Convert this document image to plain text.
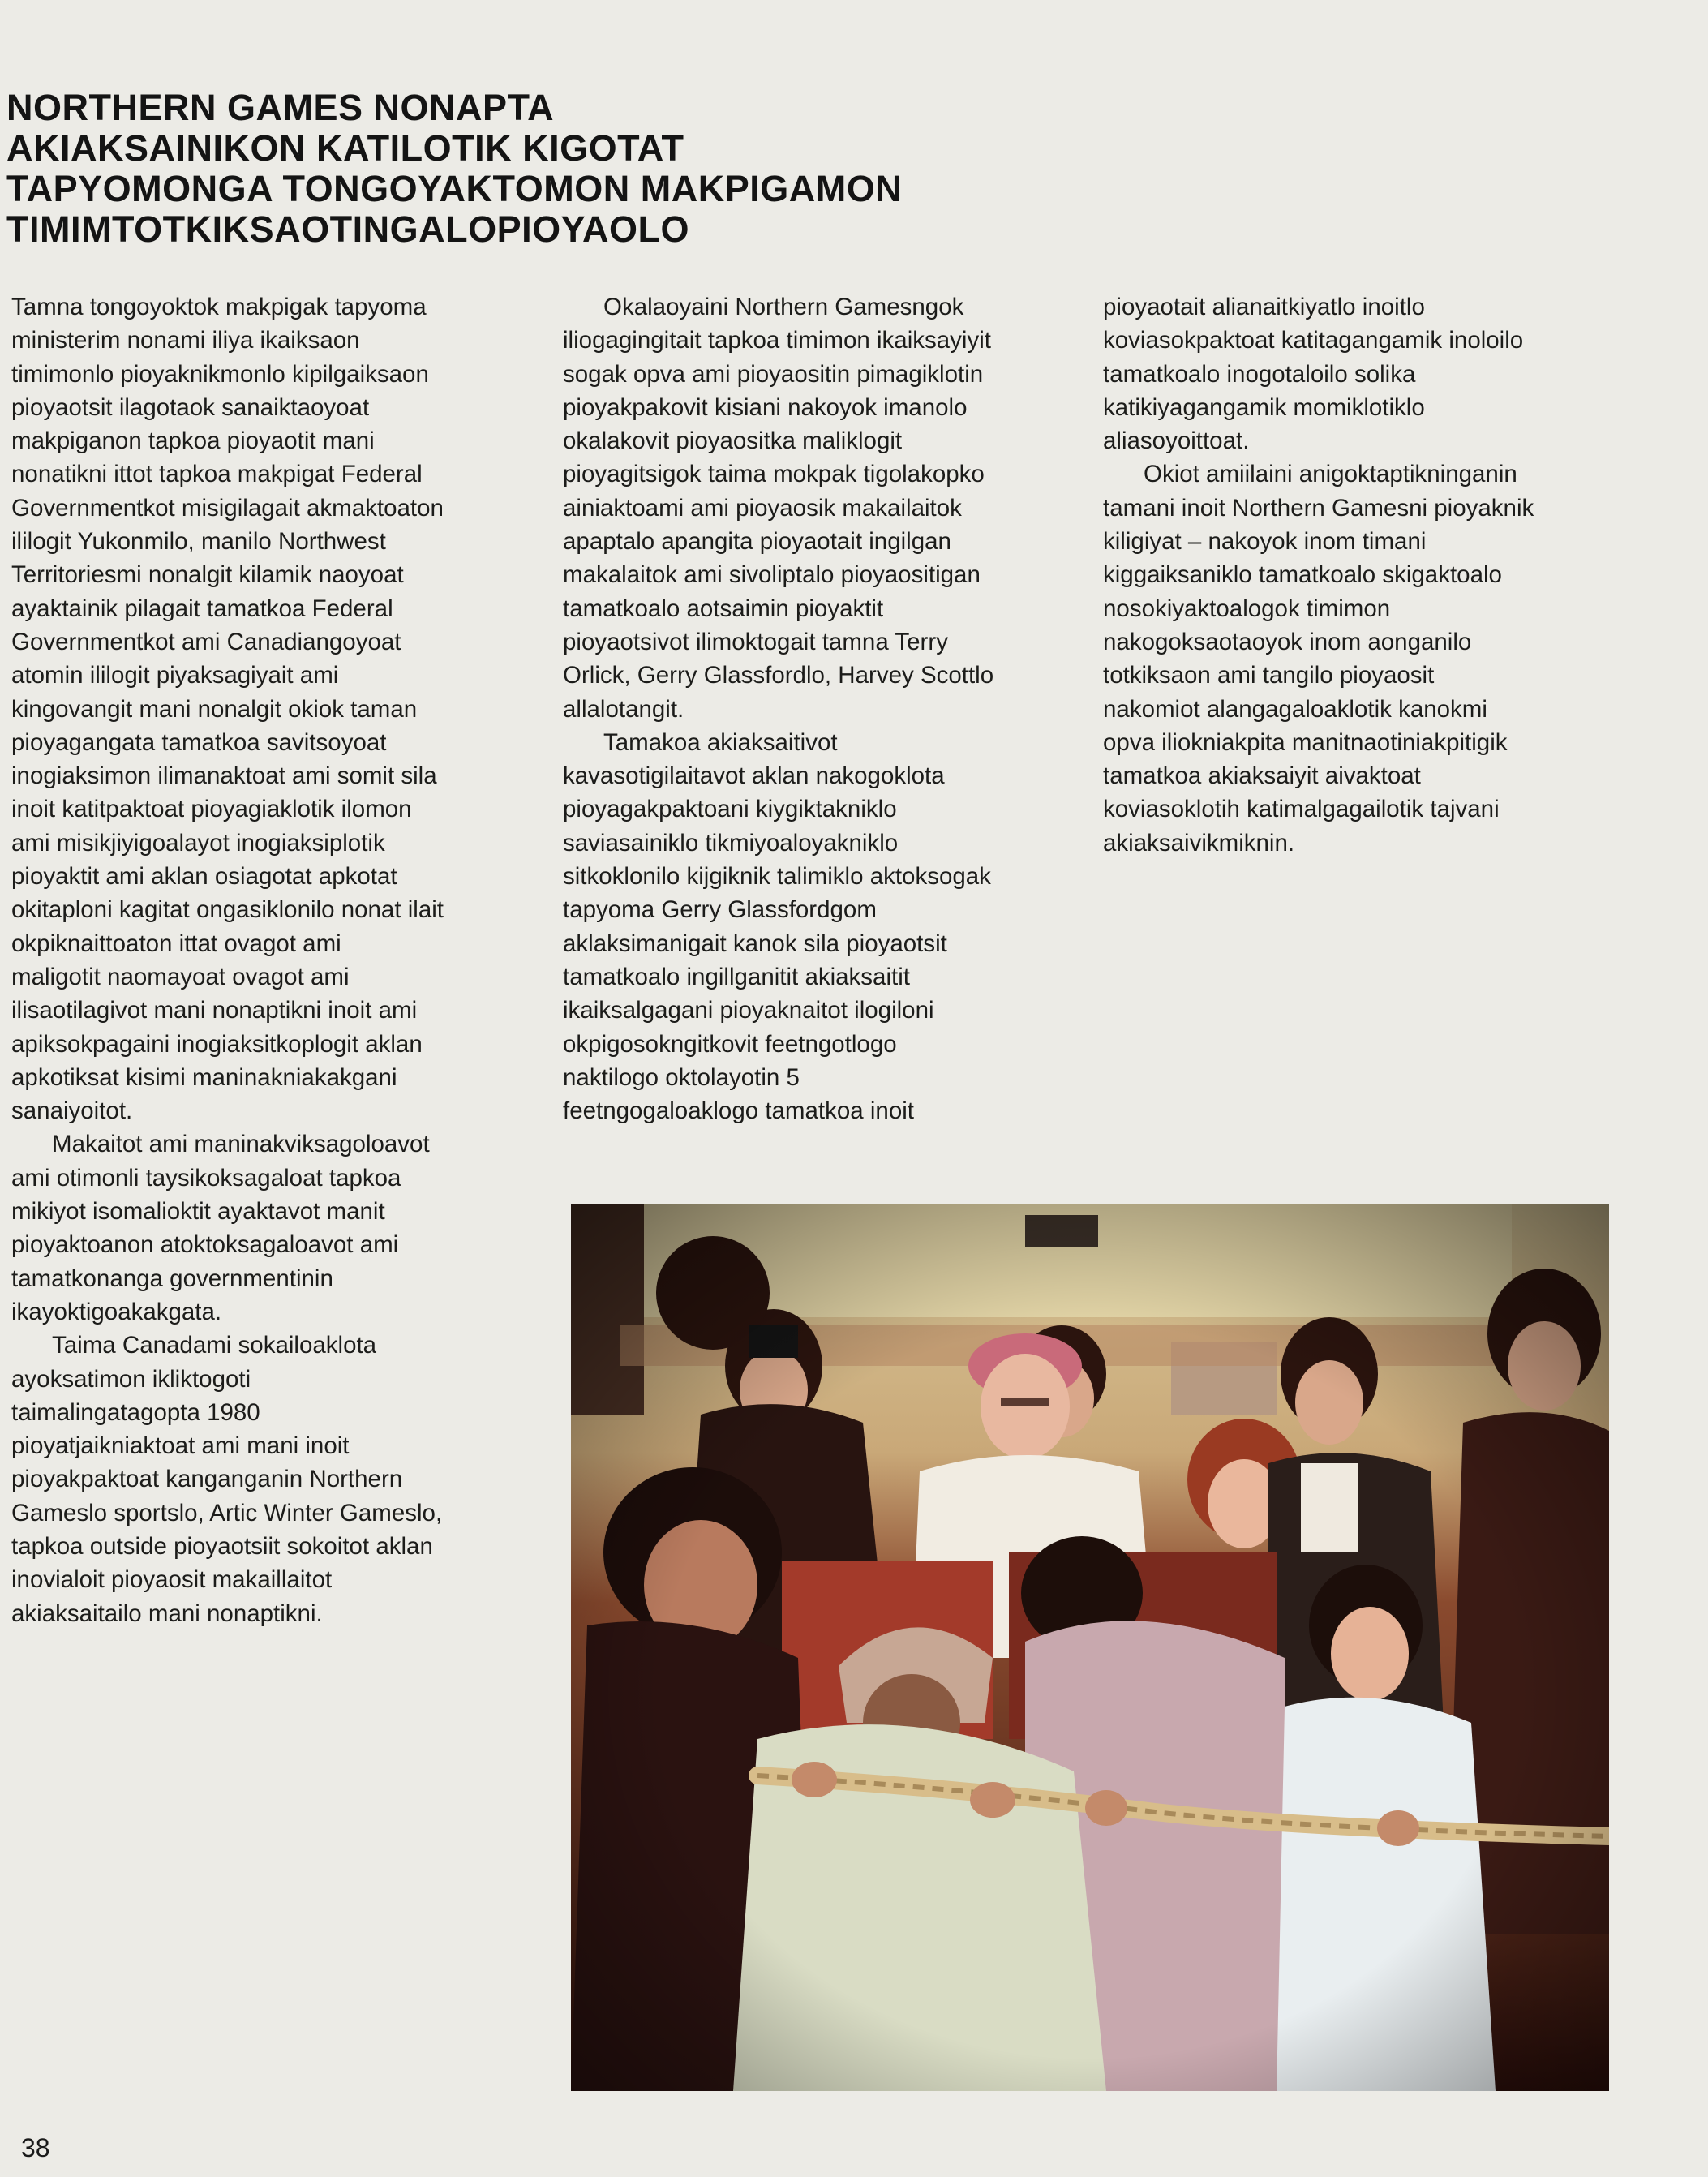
NORTHERN GAMES NONAPTA
AKIAKSAINIKON KATILOTIK KIGOTAT
TAPYOMONGA TONGOYAKTOMON MAKPIGAMON
TIMIMTOTKIKSAOTINGALOPIOYAOLO
Tamna tongoyoktok makpigak tapyoma
ministerim nonami iliya ikaiksaon
timimonlo pioyaknikmonlo kipilgaiksaon
pioyaotsit ilagotaok sanaiktaoyoat
makpiganon tapkoa pioyaotit mani
nonatikni ittot tapkoa makpigat Federal
Governmentkot misigilagait akmaktoaton
ililogit Yukonmilo, manilo Northwest
Territoriesmi nonalgit kilamik naoyoat
ayaktainik pilagait tamatkoa Federal
Governmentkot ami Canadiangoyoat
atomin ililogit piyaksagiyait ami
kingovangit mani nonalgit okiok taman
pioyagangata tamatkoa savitsoyoat
inogiaksimon ilimanaktoat ami somit sila
inoit katitpaktoat pioyagiaklotik ilomon
ami misikjiyigoalayot inogiaksiplotik
pioyaktit ami aklan osiagotat apkotat
okitaploni kagitat ongasiklonilo nonat ilait
okpiknaittoaton ittat ovagot ami
maligotit naomayoat ovagot ami
ilisaotilagivot mani nonaptikni inoit ami
apiksokpagaini inogiaksitkoplogit aklan
apkotiksat kisimi maninakniakakgani
sanaiyoitot.
Makaitot ami maninakviksagoloavot
ami otimonli taysikoksagaloat tapkoa
mikiyot isomalioktit ayaktavot manit
pioyaktoanon atoktoksagaloavot ami
tamatkonanga governmentinin
ikayoktigoakakgata.
Taima Canadami sokailoaklota
ayoksatimon ikliktogoti
taimalingatagopta 1980
pioyatjaikniaktoat ami mani inoit
pioyakpaktoat kanganganin Northern
Gameslo sportslo, Artic Winter Gameslo,
tapkoa outside pioyaotsiit sokoitot aklan
inovialoit pioyaosit makaillaitot
akiaksaitailo mani nonaptikni.
Okalaoyaini Northern Gamesngok
iliogagingitait tapkoa timimon ikaiksayiyit
sogak opva ami pioyaositin pimagiklotin
pioyakpakovit kisiani nakoyok imanolo
okalakovit pioyaositka maliklogit
pioyagitsigok taima mokpak tigolakopko
ainiaktoami ami pioyaosik makailaitok
apaptalo apangita pioyaotait ingilgan
makalaitok ami sivoliptalo pioyaositigan
tamatkoalo aotsaimin pioyaktit
pioyaotsivot ilimoktogait tamna Terry
Orlick, Gerry Glassfordlo, Harvey Scottlo
allalotangit.
Tamakoa akiaksaitivot
kavasotigilaitavot aklan nakogoklota
pioyagakpaktoani kiygiktakniklo
saviasainiklo tikmiyoaloyakniklo
sitkoklonilo kijgiknik talimiklo aktoksogak
tapyoma Gerry Glassfordgom
aklaksimanigait kanok sila pioyaotsit
tamatkoalo ingillganitit akiaksaitit
ikaiksalgagani pioyaknaitot ilogiloni
okpigosokngitkovit feetngotlogo
naktilogo oktolayotin 5
feetngogaloaklogo tamatkoa inoit
pioyaotait alianaitkiyatlo inoitlo
koviasokpaktoat katitagangamik inoloilo
tamatkoalo inogotaloilo solika
katikiyagangamik momiklotiklo
aliasoyoittoat.
Okiot amiilaini anigoktaptikninganin
tamani inoit Northern Gamesni pioyaknik
kiligiyat – nakoyok inom timani
kiggaiksaniklo tamatkoalo skigaktoalo
nosokiyaktoalogok timimon
nakogoksaotaoyok inom aonganilo
totkiksaon ami tangilo pioyaosit
nakomiot alangagaloaklotik kanokmi
opva iliokniakpita manitnaotiniakpitigik
tamatkoa akiaksaiyit aivaktoat
koviasoklotih katimalgagailotik tajvani
akiaksaivikmiknin.
38
